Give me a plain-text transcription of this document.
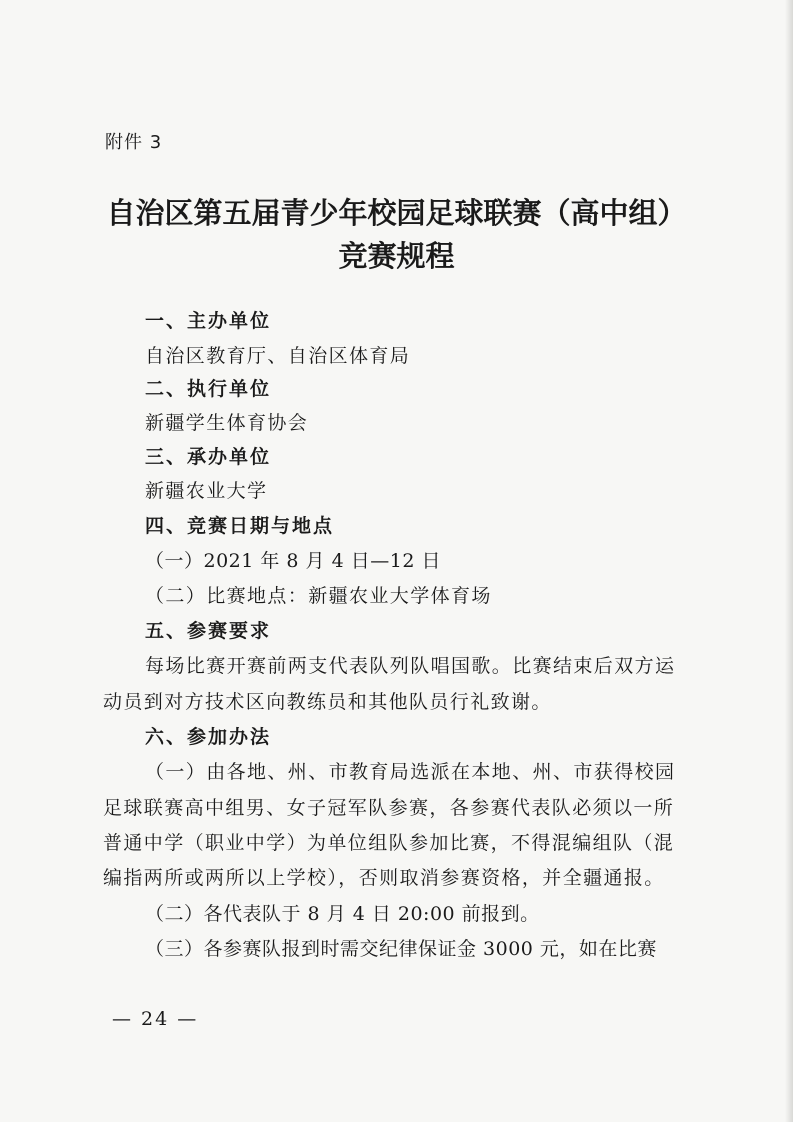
附件 3
自治区第五届青少年校园足球联赛（高中组）
竞赛规程
一、主办单位
自治区教育厅、自治区体育局
二、执行单位
新疆学生体育协会
三、承办单位
新疆农业大学
四、竞赛日期与地点
（一）2021 年 8 月 4 日—12 日
（二）比赛地点：新疆农业大学体育场
五、参赛要求
每场比赛开赛前两支代表队列队唱国歌。比赛结束后双方运
动员到对方技术区向教练员和其他队员行礼致谢。
六、参加办法
（一）由各地、州、市教育局选派在本地、州、市获得校园
足球联赛高中组男、女子冠军队参赛，各参赛代表队必须以一所
普通中学（职业中学）为单位组队参加比赛，不得混编组队（混
编指两所或两所以上学校），否则取消参赛资格，并全疆通报。
（二）各代表队于 8 月 4 日 20:00 前报到。
（三）各参赛队报到时需交纪律保证金 3000 元，如在比赛
— 24 —
